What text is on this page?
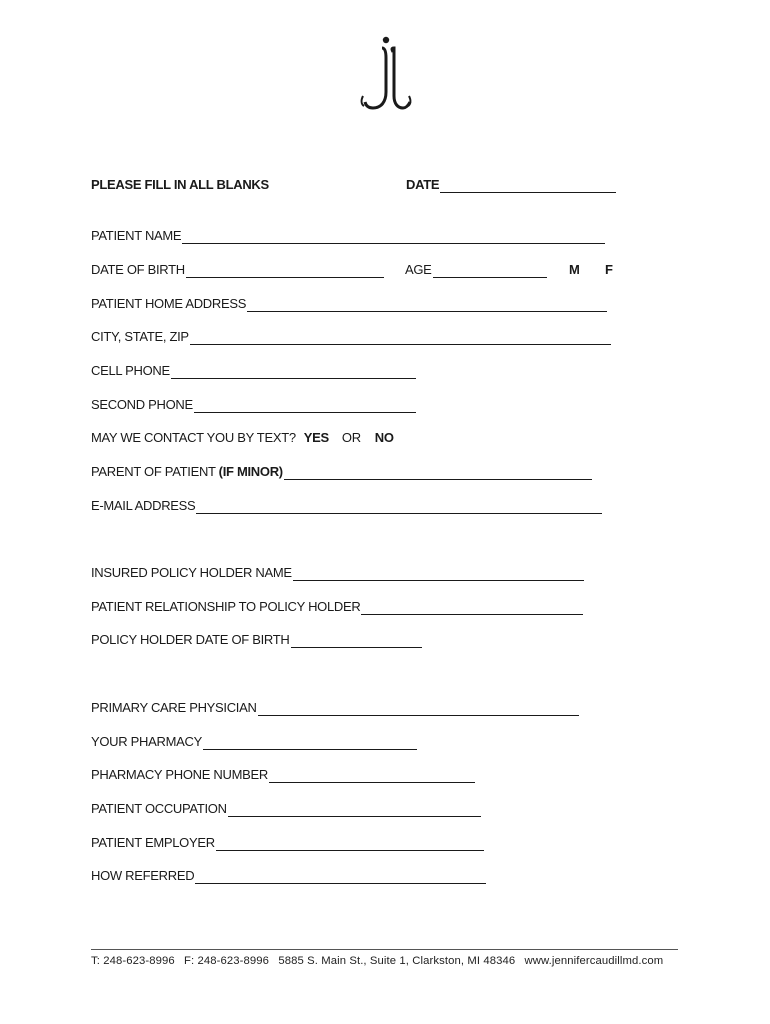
PLEASE FILL IN ALL BLANKS	DATE
PATIENT NAME
DATE OF BIRTH	AGE	M F
PATIENT HOME ADDRESS
CITY, STATE, ZIP
CELL PHONE
SECOND PHONE
MAY WE CONTACT YOU BY TEXT? YES OR NO
PARENT OF PATIENT (IF MINOR)
E-MAIL ADDRESS
INSURED POLICY HOLDER NAME
PATIENT RELATIONSHIP TO POLICY HOLDER
POLICY HOLDER DATE OF BIRTH
PRIMARY CARE PHYSICIAN
YOUR PHARMACY
PHARMACY PHONE NUMBER
PATIENT OCCUPATION
PATIENT EMPLOYER
HOW REFERRED
T: 248-623-8996 F: 248-623-8996 5885 S. Main St., Suite 1, Clarkston, MI 48346 www.jennifercaudillmd.com
